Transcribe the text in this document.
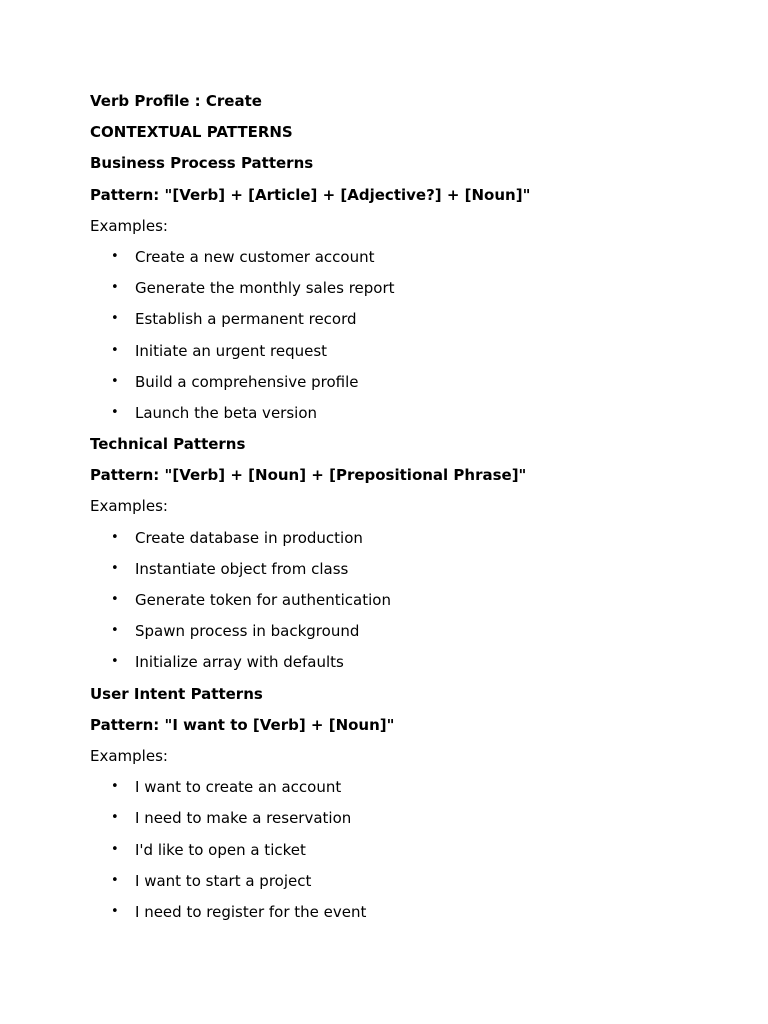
Verb Profile : Create
CONTEXTUAL PATTERNS
Business Process Patterns
Pattern: "[Verb] + [Article] + [Adjective?] + [Noun]"
Examples:
• Create a new customer account
• Generate the monthly sales report
• Establish a permanent record
• Initiate an urgent request
• Build a comprehensive profile
• Launch the beta version
Technical Patterns
Pattern: "[Verb] + [Noun] + [Prepositional Phrase]"
Examples:
• Create database in production
• Instantiate object from class
• Generate token for authentication
• Spawn process in background
• Initialize array with defaults
User Intent Patterns
Pattern: "I want to [Verb] + [Noun]"
Examples:
• I want to create an account
• I need to make a reservation
• I'd like to open a ticket
• I want to start a project
• I need to register for the event
